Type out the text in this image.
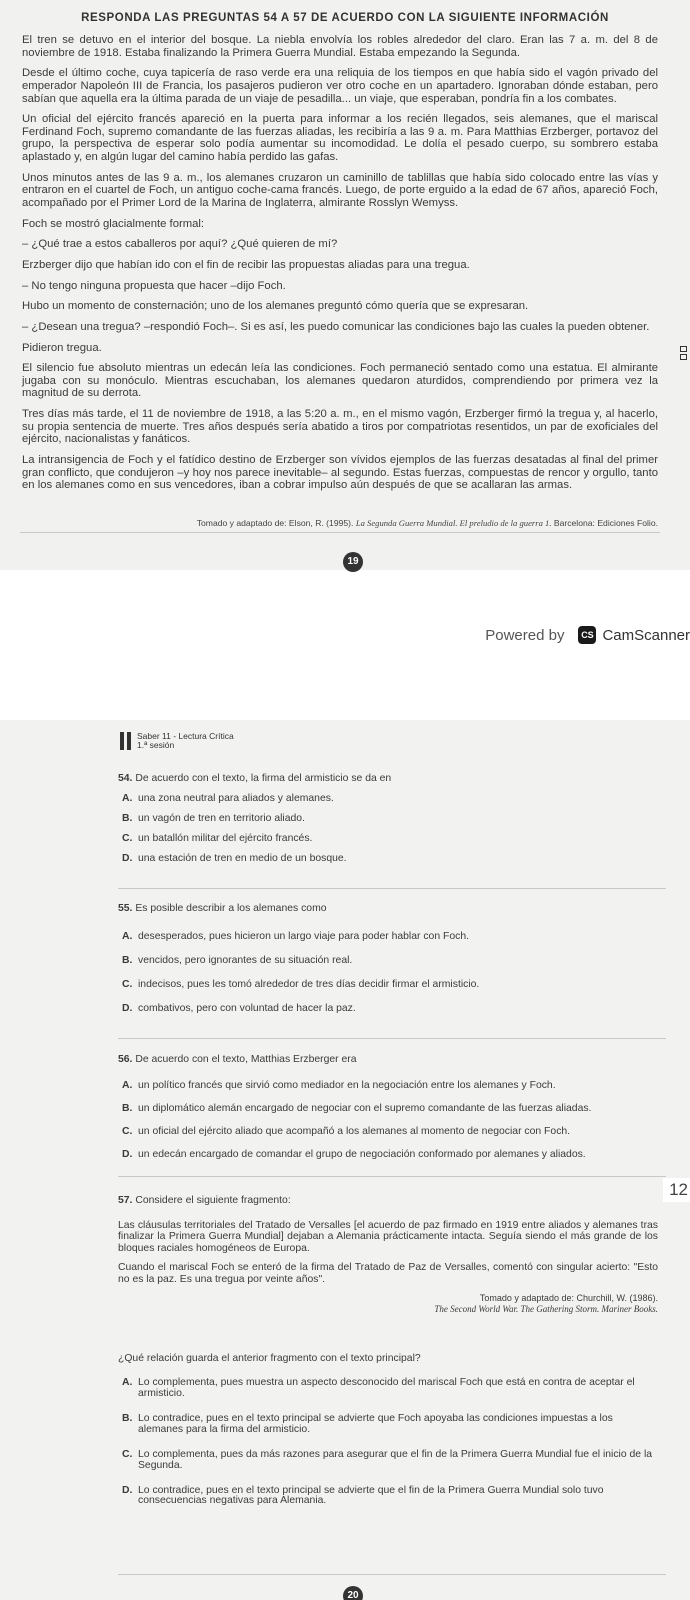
RESPONDA LAS PREGUNTAS 54 A 57 DE ACUERDO CON LA SIGUIENTE INFORMACIÓN

El tren se detuvo en el interior del bosque. La niebla envolvía los robles alrededor del claro. Eran las 7 a. m. del 8 de noviembre de 1918. Estaba finalizando la Primera Guerra Mundial. Estaba empezando la Segunda.

Desde el último coche, cuya tapicería de raso verde era una reliquia de los tiempos en que había sido el vagón privado del emperador Napoleón III de Francia, los pasajeros pudieron ver otro coche en un apartadero. Ignoraban dónde estaban, pero sabían que aquella era la última parada de un viaje de pesadilla... un viaje, que esperaban, pondría fin a los combates.

Un oficial del ejército francés apareció en la puerta para informar a los recién llegados, seis alemanes, que el mariscal Ferdinand Foch, supremo comandante de las fuerzas aliadas, les recibiría a las 9 a. m. Para Matthias Erzberger, portavoz del grupo, la perspectiva de esperar solo podía aumentar su incomodidad. Le dolía el pesado cuerpo, su sombrero estaba aplastado y, en algún lugar del camino había perdido las gafas.

Unos minutos antes de las 9 a. m., los alemanes cruzaron un caminillo de tablillas que había sido colocado entre las vías y entraron en el cuartel de Foch, un antiguo coche-cama francés. Luego, de porte erguido a la edad de 67 años, apareció Foch, acompañado por el Primer Lord de la Marina de Inglaterra, almirante Rosslyn Wemyss.

Foch se mostró glacialmente formal:

– ¿Qué trae a estos caballeros por aquí? ¿Qué quieren de mí?

Erzberger dijo que habían ido con el fin de recibir las propuestas aliadas para una tregua.

– No tengo ninguna propuesta que hacer –dijo Foch.

Hubo un momento de consternación; uno de los alemanes preguntó cómo quería que se expresaran.

– ¿Desean una tregua? –respondió Foch–. Si es así, les puedo comunicar las condiciones bajo las cuales la pueden obtener.

Pidieron tregua.

El silencio fue absoluto mientras un edecán leía las condiciones. Foch permaneció sentado como una estatua. El almirante jugaba con su monóculo. Mientras escuchaban, los alemanes quedaron aturdidos, comprendiendo por primera vez la magnitud de su derrota.

Tres días más tarde, el 11 de noviembre de 1918, a las 5:20 a. m., en el mismo vagón, Erzberger firmó la tregua y, al hacerlo, su propia sentencia de muerte. Tres años después sería abatido a tiros por compatriotas resentidos, un par de exoficiales del ejército, nacionalistas y fanáticos.

La intransigencia de Foch y el fatídico destino de Erzberger son vívidos ejemplos de las fuerzas desatadas al final del primer gran conflicto, que condujeron –y hoy nos parece inevitable– al segundo. Estas fuerzas, compuestas de rencor y orgullo, tanto en los alemanes como en sus vencedores, iban a cobrar impulso aún después de que se acallaran las armas.

Tomado y adaptado de: Elson, R. (1995). La Segunda Guerra Mundial. El preludio de la guerra 1. Barcelona: Ediciones Folio.
19
Powered by	CS CamScanner
Saber 11 - Lectura Crítica
1.ª sesión
54. De acuerdo con el texto, la firma del armisticio se da en
A. una zona neutral para aliados y alemanes.
B. un vagón de tren en territorio aliado.
C. un batallón militar del ejército francés.
D. una estación de tren en medio de un bosque.
55. Es posible describir a los alemanes como
A. desesperados, pues hicieron un largo viaje para poder hablar con Foch.
B. vencidos, pero ignorantes de su situación real.
C. indecisos, pues les tomó alrededor de tres días decidir firmar el armisticio.
D. combativos, pero con voluntad de hacer la paz.
56. De acuerdo con el texto, Matthias Erzberger era
A. un político francés que sirvió como mediador en la negociación entre los alemanes y Foch.
B. un diplomático alemán encargado de negociar con el supremo comandante de las fuerzas aliadas.
C. un oficial del ejército aliado que acompañó a los alemanes al momento de negociar con Foch.
D. un edecán encargado de comandar el grupo de negociación conformado por alemanes y aliados.
12
57. Considere el siguiente fragmento:

Las cláusulas territoriales del Tratado de Versalles [el acuerdo de paz firmado en 1919 entre aliados y alemanes tras finalizar la Primera Guerra Mundial] dejaban a Alemania prácticamente intacta. Seguía siendo el más grande de los bloques raciales homogéneos de Europa.

Cuando el mariscal Foch se enteró de la firma del Tratado de Paz de Versalles, comentó con singular acierto: "Esto no es la paz. Es una tregua por veinte años".

Tomado y adaptado de: Churchill, W. (1986).
The Second World War. The Gathering Storm. Mariner Books.
¿Qué relación guarda el anterior fragmento con el texto principal?
A. Lo complementa, pues muestra un aspecto desconocido del mariscal Foch que está en contra de aceptar el armisticio.
B. Lo contradice, pues en el texto principal se advierte que Foch apoyaba las condiciones impuestas a los alemanes para la firma del armisticio.
C. Lo complementa, pues da más razones para asegurar que el fin de la Primera Guerra Mundial fue el inicio de la Segunda.
D. Lo contradice, pues en el texto principal se advierte que el fin de la Primera Guerra Mundial solo tuvo consecuencias negativas para Alemania.
20
